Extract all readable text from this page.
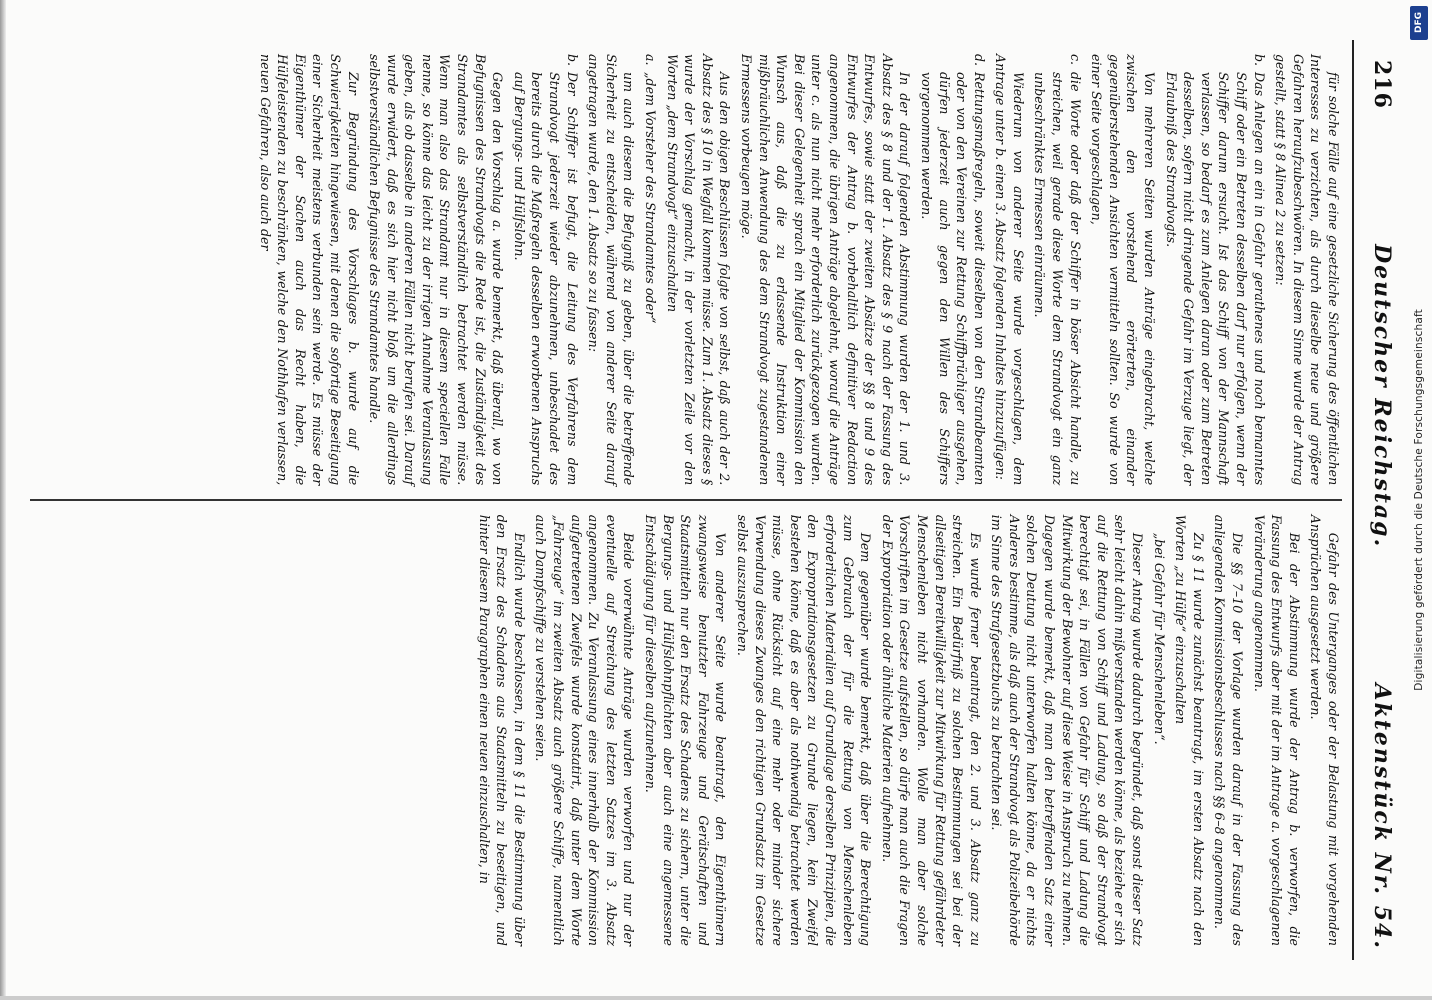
216
Deutscher Reichstag.
Aktenstück Nr. 54.

für solche Fälle auf eine gesetzliche Sicherung des öffentlichen Interesses zu verzichten, als durch dieselbe neue und größere Gefahren heraufzubeschwören. In diesem Sinne wurde der Antrag gestellt, statt § 8 Alinea 2 zu setzen:

b.Das Anlegen an ein in Gefahr gerathenes und noch bemanntes Schiff oder ein Betreten desselben darf nur erfolgen, wenn der Schiffer darum ersucht. Ist das Schiff von der Mannschaft verlassen, so bedarf es zum Anlegen daran oder zum Betreten desselben, sofern nicht dringende Gefahr im Verzuge liegt, der Erlaubniß des Strandvogts.

Von mehreren Seiten wurden Anträge eingebracht, welche zwischen den vorstehend erörterten, einander gegenüberstehenden Ansichten vermitteln sollten. So wurde von einer Seite vorgeschlagen,

c.die Worte oder daß der Schiffer in böser Absicht handle, zu streichen, weil gerade diese Worte dem Strandvogt ein ganz unbeschränktes Ermessen einräumen.

Wiederum von anderer Seite wurde vorgeschlagen, dem Antrage unter b. einen 3. Absatz folgenden Inhaltes hinzuzufügen:

d.Rettungsmaßregeln, soweit dieselben von den Strandbeamten oder von den Vereinen zur Rettung Schiffbrüchiger ausgehen, dürfen jederzeit auch gegen den Willen des Schiffers vorgenommen werden.

In der darauf folgenden Abstimmung wurden der 1. und 3. Absatz des § 8 und der 1. Absatz des § 9 nach der Fassung des Entwurfes, sowie statt der zweiten Absätze der §§ 8 und 9 des Entwurfes der Antrag b. vorbehaltlich definitiver Redaction angenommen, die übrigen Anträge abgelehnt, worauf die Anträge unter c. als nun nicht mehr erforderlich zurückgezogen wurden. Bei dieser Gelegenheit sprach ein Mitglied der Kommission den Wunsch aus, daß die zu erlassende Instruktion einer mißbräuchlichen Anwendung des dem Strandvogt zugestandenen Ermessens vorbeugen möge.

Aus den obigen Beschlüssen folgte von selbst, daß auch der 2. Absatz des § 10 in Wegfall kommen müsse. Zum 1. Absatz dieses § wurde der Vorschlag gemacht, in der vorletzten Zeile vor den Worten „dem Strandvogt“ einzuschalten

a.„dem Vorsteher des Strandamtes oder“

um auch diesem die Befugniß zu geben, über die betreffende Sicherheit zu entscheiden, während von anderer Seite darauf angetragen wurde, den 1. Absatz so zu fassen:

b.Der Schiffer ist befugt, die Leitung des Verfahrens dem Strandvogt jederzeit wieder abzunehmen, unbeschadet des bereits durch die Maßregeln desselben erworbenen Anspruchs auf Bergungs- und Hülfslohn.

Gegen den Vorschlag a. wurde bemerkt, daß überall, wo von Befugnissen des Strandvogts die Rede ist, die Zuständigkeit des Strandamtes als selbstverständlich betrachtet werden müsse. Wenn man also das Strandamt nur in diesem speciellen Falle nenne, so könne das leicht zu der irrigen Annahme Veranlassung geben, als ob dasselbe in anderen Fällen nicht berufen sei. Darauf wurde erwidert, daß es sich hier nicht bloß um die allerdings selbstverständlichen Befugnisse des Strandamtes handle.

Zur Begründung des Vorschlages b. wurde auf die Schwierigkeiten hingewiesen, mit denen die sofortige Beseitigung einer Sicherheit meistens verbunden sein werde. Es müsse der Eigenthümer der Sachen auch das Recht haben, die Hülfeleistenden zu beschränken, welche den Nothhafen verlassen, neuen Gefahren, also auch der

Gefahr des Unterganges oder der Belastung mit vorgehenden Ansprüchen ausgesetzt werden.

Bei der Abstimmung wurde der Antrag b. verworfen, die Fassung des Entwurfs aber mit der im Antrage a. vorgeschlagenen Veränderung angenommen.

Die §§ 7–10 der Vorlage wurden darauf in der Fassung des anliegenden Kommissionsbeschlusses nach §§ 6–8 angenommen.

Zu § 11 wurde zunächst beantragt, im ersten Absatz nach den Worten „zu Hülfe“ einzuschalten

„bei Gefahr für Menschenleben“.

Dieser Antrag wurde dadurch begründet, daß sonst dieser Satz sehr leicht dahin mißverstanden werden könne, als beziehe er sich auf die Rettung von Schiff und Ladung, so daß der Strandvogt berechtigt sei, in Fällen von Gefahr für Schiff und Ladung die Mitwirkung der Bewohner auf diese Weise in Anspruch zu nehmen. Dagegen wurde bemerkt, daß man den betreffenden Satz einer solchen Deutung nicht unterworfen halten könne, da er nichts Anderes bestimme, als daß auch der Strandvogt als Polizeibehörde im Sinne des Strafgesetzbuchs zu betrachten sei.

Es wurde ferner beantragt, den 2. und 3. Absatz ganz zu streichen. Ein Bedürfniß zu solchen Bestimmungen sei bei der allseitigen Bereitwilligkeit zur Mitwirkung für Rettung gefährdeter Menschenleben nicht vorhanden. Wolle man aber solche Vorschriften im Gesetze aufstellen, so dürfe man auch die Fragen der Expropriation oder ähnliche Materien aufnehmen.

Dem gegenüber wurde bemerkt, daß über die Berechtigung zum Gebrauch der für die Rettung von Menschenleben erforderlichen Materialien auf Grundlage derselben Prinzipien, die den Expropriationsgesetzen zu Grunde liegen, kein Zweifel bestehen könne, daß es aber als nothwendig betrachtet werden müsse, ohne Rücksicht auf eine mehr oder minder sichere Verwendung dieses Zwanges den richtigen Grundsatz im Gesetze selbst auszusprechen.

Von anderer Seite wurde beantragt, den Eigenthümern zwangsweise benutzter Fahrzeuge und Gerätschaften und Staatsmitteln nur den Ersatz des Schadens zu sichern, unter die Bergungs- und Hülfslohnpflichten aber auch eine angemessene Entschädigung für dieselben aufzunehmen.

Beide vorerwähnte Anträge wurden verworfen und nur der eventuelle auf Streichung des letzten Satzes im 3. Absatz angenommen. Zu Veranlassung eines innerhalb der Kommission aufgetretenen Zweifels wurde konstatirt, daß unter dem Worte „Fahrzeuge“ im zweiten Absatz auch größere Schiffe, namentlich auch Dampfschiffe zu verstehen seien.

Endlich wurde beschlossen, in dem § 11 die Bestimmung über den Ersatz des Schadens aus Staatsmitteln zu beseitigen, und hinter diesem Paragraphen einen neuen einzuschalten, in

Digitalisierung gefördert durch die Deutsche Forschungsgemeinschaft
DFG
